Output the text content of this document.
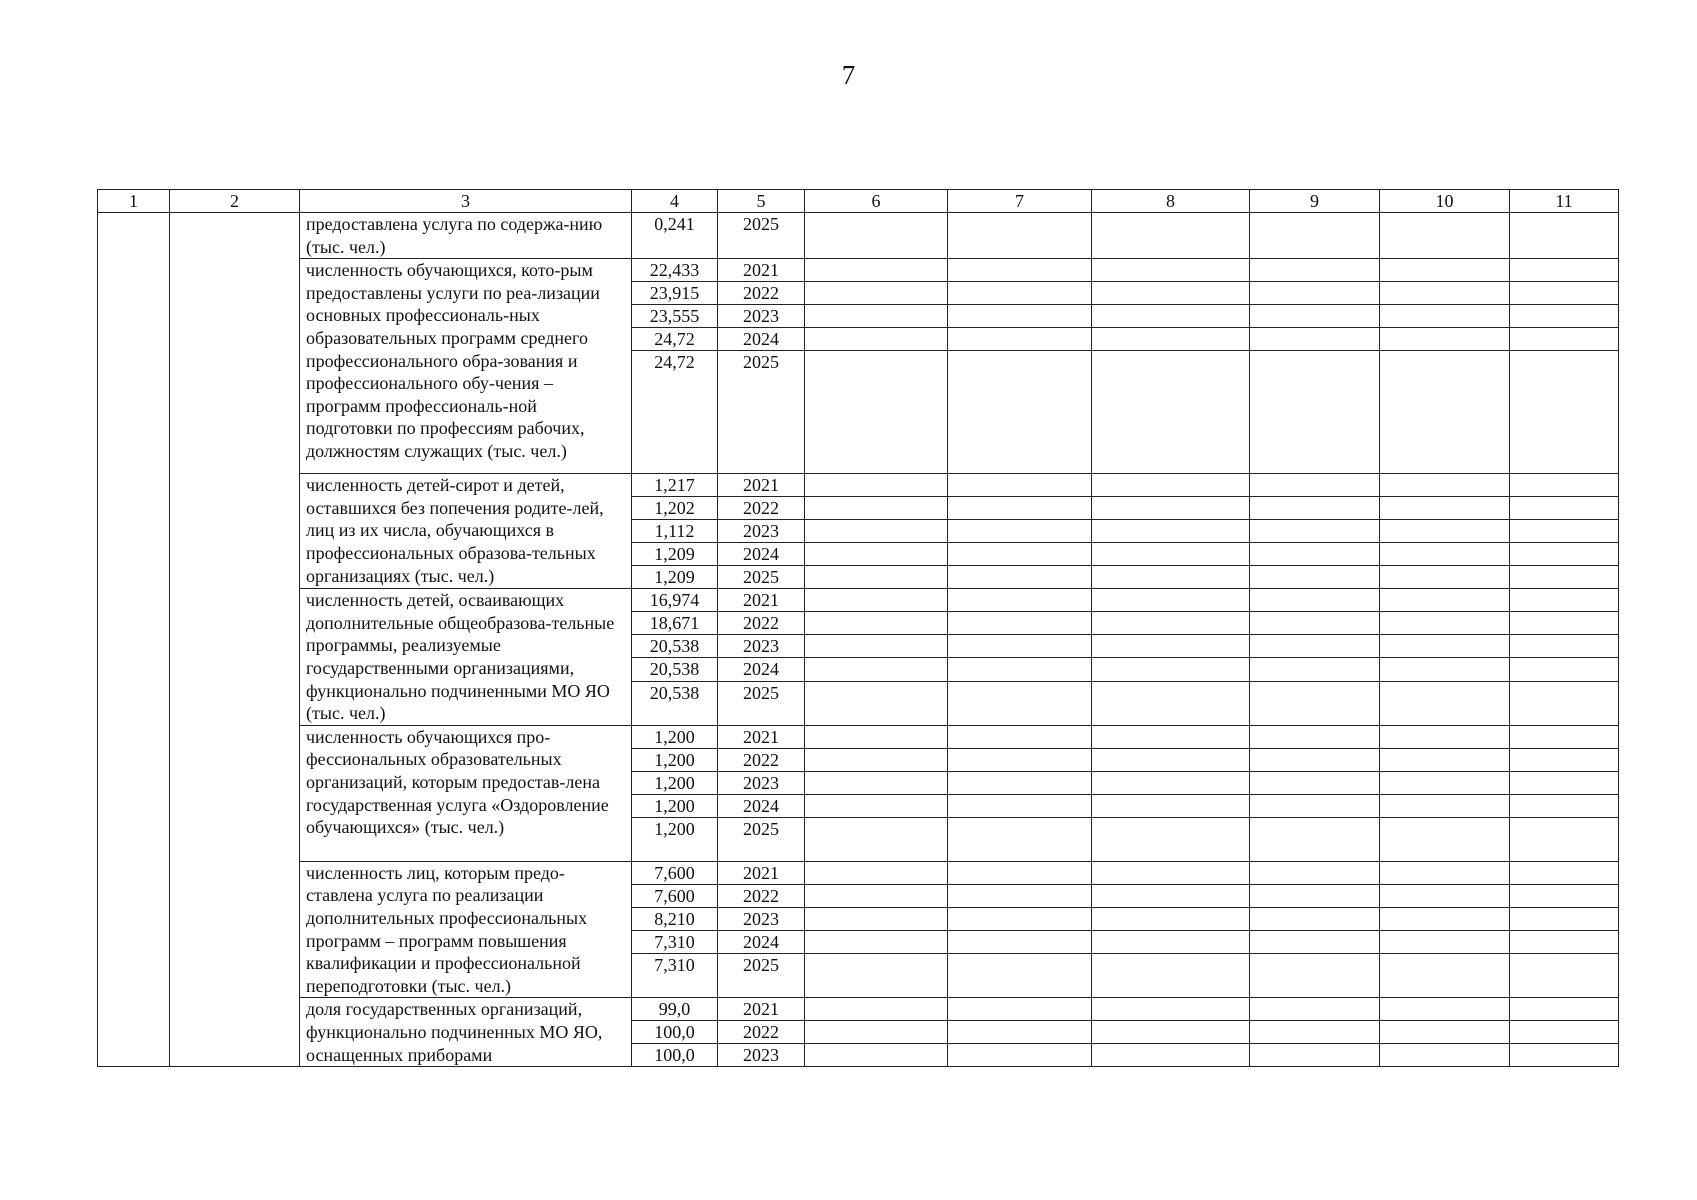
7
1	2	3	4	5	6	7	8	9	10	11

		предоставлена услуга по содержа-нию (тыс. чел.)	0,241	2025						

		численность обучающихся, кото-рым предоставлены услуги по реа-лизации основных профессиональ-ных образовательных программ среднего профессионального обра-зования и профессионального обу-чения – программ профессиональ-ной подготовки по профессиям рабочих, должностям служащих (тыс. чел.)	22,433	2021						
			23,915	2022						
			23,555	2023						
			24,72	2024						
			24,72	2025						

		численность детей-сирот и детей, оставшихся без попечения родите-лей, лиц из их числа, обучающихся в профессиональных образова-тельных организациях (тыс. чел.)	1,217	2021						
			1,202	2022						
			1,112	2023						
			1,209	2024						
			1,209	2025						

		численность детей, осваивающих дополнительные общеобразова-тельные программы, реализуемые государственными организациями, функционально подчиненными МО ЯО (тыс. чел.)	16,974	2021						
			18,671	2022						
			20,538	2023						
			20,538	2024						
			20,538	2025						

		численность обучающихся про-фессиональных образовательных организаций, которым предостав-лена государственная услуга «Оздоровление обучающихся» (тыс. чел.)	1,200	2021						
			1,200	2022						
			1,200	2023						
			1,200	2024						
			1,200	2025						

		численность лиц, которым предо-ставлена услуга по реализации дополнительных профессиональных программ – программ повышения квалификации и профессиональной переподготовки (тыс. чел.)	7,600	2021						
			7,600	2022						
			8,210	2023						
			7,310	2024						
			7,310	2025						

		доля государственных организаций, функционально подчиненных МО ЯО, оснащенных приборами	99,0	2021						
			100,0	2022						
			100,0	2023						
